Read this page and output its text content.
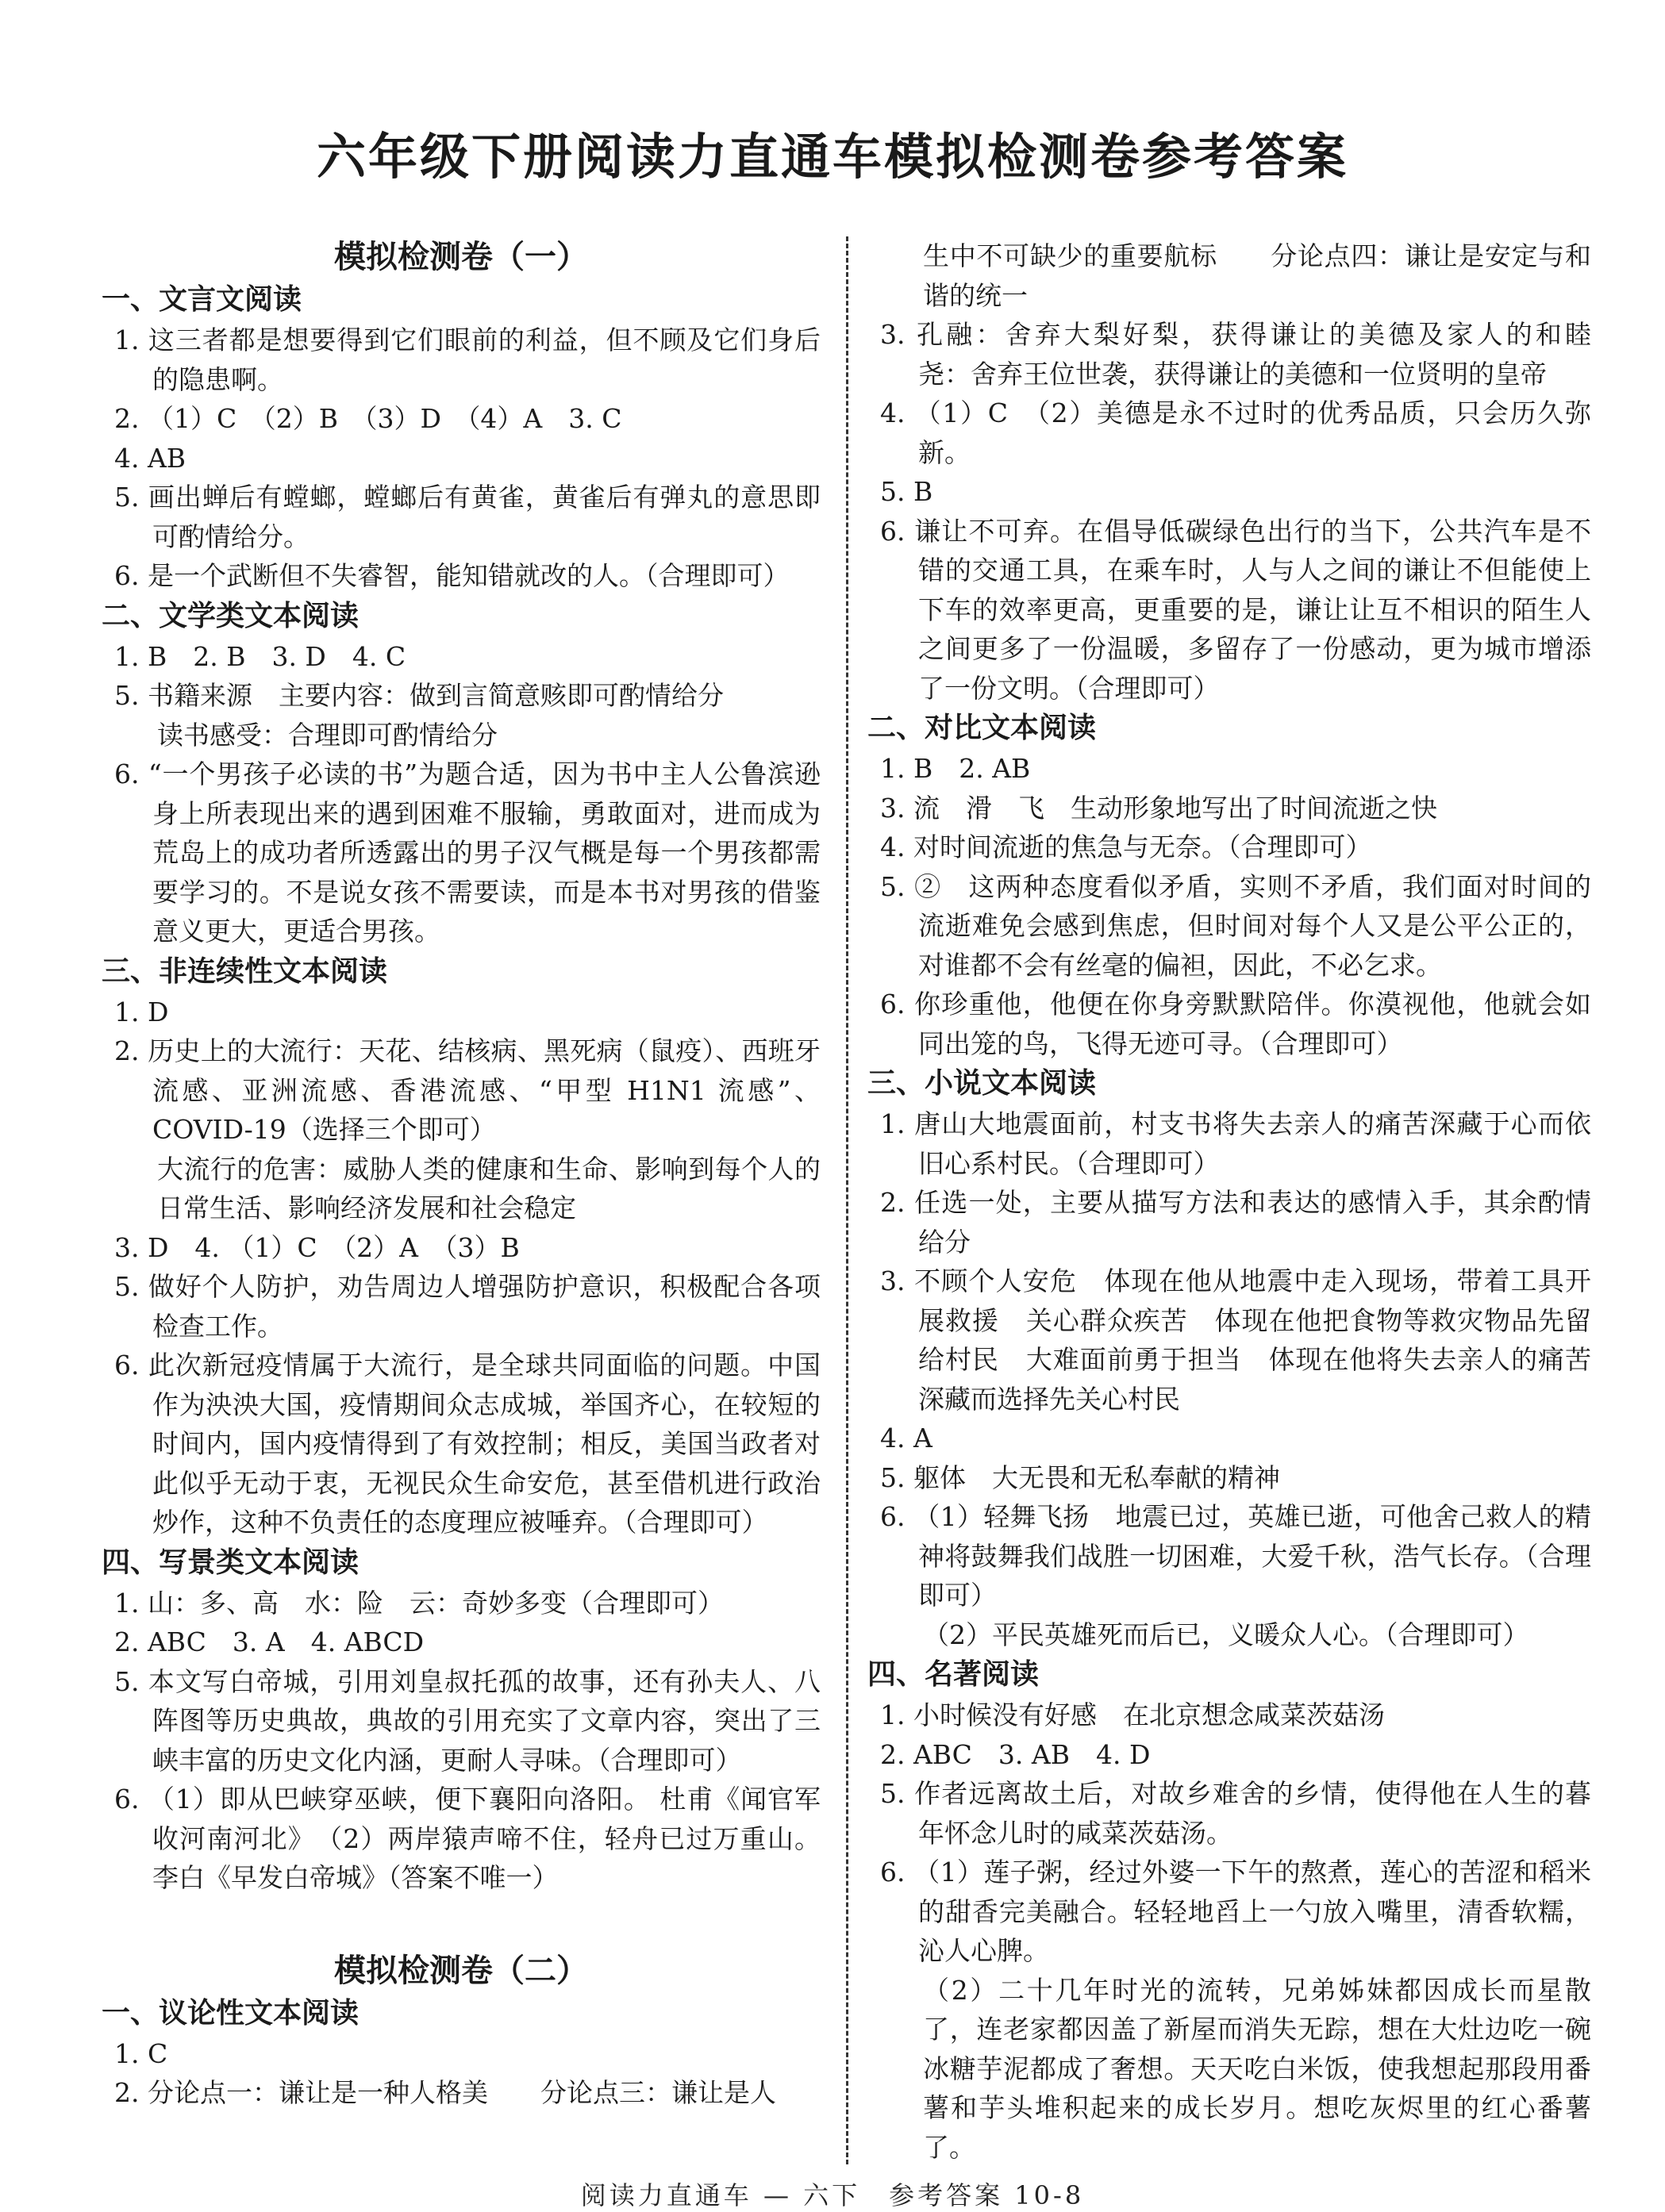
六年级下册阅读力直通车模拟检测卷参考答案
模拟检测卷（一）
一、文言文阅读
1. 这三者都是想要得到它们眼前的利益，但不顾及它们身后的隐患啊。
2. （1）C　（2）B　（3）D　（4）A　3. C
4. AB
5. 画出蝉后有螳螂，螳螂后有黄雀，黄雀后有弹丸的意思即可酌情给分。
6. 是一个武断但不失睿智，能知错就改的人。（合理即可）
二、文学类文本阅读
1. B　2. B　3. D　4. C
5. 书籍来源　主要内容：做到言简意赅即可酌情给分
读书感受：合理即可酌情给分
6. “一个男孩子必读的书”为题合适，因为书中主人公鲁滨逊身上所表现出来的遇到困难不服输，勇敢面对，进而成为荒岛上的成功者所透露出的男子汉气概是每一个男孩都需要学习的。不是说女孩不需要读，而是本书对男孩的借鉴意义更大，更适合男孩。
三、非连续性文本阅读
1. D
2. 历史上的大流行：天花、结核病、黑死病（鼠疫）、西班牙流感、亚洲流感、香港流感、“甲型 H1N1 流感”、COVID-19（选择三个即可）
大流行的危害：威胁人类的健康和生命、影响到每个人的日常生活、影响经济发展和社会稳定
3. D　4. （1）C　（2）A　（3）B
5. 做好个人防护，劝告周边人增强防护意识，积极配合各项检查工作。
6. 此次新冠疫情属于大流行，是全球共同面临的问题。中国作为泱泱大国，疫情期间众志成城，举国齐心，在较短的时间内，国内疫情得到了有效控制；相反，美国当政者对此似乎无动于衷，无视民众生命安危，甚至借机进行政治炒作，这种不负责任的态度理应被唾弃。（合理即可）
四、写景类文本阅读
1. 山：多、高　水：险　云：奇妙多变（合理即可）
2. ABC　3. A　4. ABCD
5. 本文写白帝城，引用刘皇叔托孤的故事，还有孙夫人、八阵图等历史典故，典故的引用充实了文章内容，突出了三峡丰富的历史文化内涵，更耐人寻味。（合理即可）
6. （1）即从巴峡穿巫峡，便下襄阳向洛阳。 杜甫《闻官军收河南河北》　（2）两岸猿声啼不住，轻舟已过万重山。 李白《早发白帝城》（答案不唯一）
模拟检测卷（二）
一、议论性文本阅读
1. C
2. 分论点一：谦让是一种人格美　　分论点三：谦让是人
生中不可缺少的重要航标　　分论点四：谦让是安定与和谐的统一
3. 孔融：舍弃大梨好梨，获得谦让的美德及家人的和睦　尧：舍弃王位世袭，获得谦让的美德和一位贤明的皇帝
4. （1）C　（2）美德是永不过时的优秀品质，只会历久弥新。
5. B
6. 谦让不可弃。在倡导低碳绿色出行的当下，公共汽车是不错的交通工具，在乘车时，人与人之间的谦让不但能使上下车的效率更高，更重要的是，谦让让互不相识的陌生人之间更多了一份温暖，多留存了一份感动，更为城市增添了一份文明。（合理即可）
二、对比文本阅读
1. B　2. AB
3. 流　滑　飞　生动形象地写出了时间流逝之快
4. 对时间流逝的焦急与无奈。（合理即可）
5. ②　这两种态度看似矛盾，实则不矛盾，我们面对时间的流逝难免会感到焦虑，但时间对每个人又是公平公正的，对谁都不会有丝毫的偏袒，因此，不必乞求。
6. 你珍重他，他便在你身旁默默陪伴。你漠视他，他就会如同出笼的鸟，飞得无迹可寻。（合理即可）
三、小说文本阅读
1. 唐山大地震面前，村支书将失去亲人的痛苦深藏于心而依旧心系村民。（合理即可）
2. 任选一处，主要从描写方法和表达的感情入手，其余酌情给分
3. 不顾个人安危　体现在他从地震中走入现场，带着工具开展救援　关心群众疾苦　体现在他把食物等救灾物品先留给村民　大难面前勇于担当　体现在他将失去亲人的痛苦深藏而选择先关心村民
4. A
5. 躯体　大无畏和无私奉献的精神
6. （1）轻舞飞扬　地震已过，英雄已逝，可他舍己救人的精神将鼓舞我们战胜一切困难，大爱千秋，浩气长存。（合理即可）
（2）平民英雄死而后已，义暖众人心。（合理即可）
四、名著阅读
1. 小时候没有好感　在北京想念咸菜茨菇汤
2. ABC　3. AB　4. D
5. 作者远离故土后，对故乡难舍的乡情，使得他在人生的暮年怀念儿时的咸菜茨菇汤。
6. （1）莲子粥，经过外婆一下午的熬煮，莲心的苦涩和稻米的甜香完美融合。轻轻地舀上一勺放入嘴里，清香软糯，沁人心脾。
（2）二十几年时光的流转，兄弟姊妹都因成长而星散了，连老家都因盖了新屋而消失无踪，想在大灶边吃一碗冰糖芋泥都成了奢想。天天吃白米饭，使我想起那段用番薯和芋头堆积起来的成长岁月。想吃灰烬里的红心番薯了。
阅读力直通车 — 六下　参考答案 10-8
